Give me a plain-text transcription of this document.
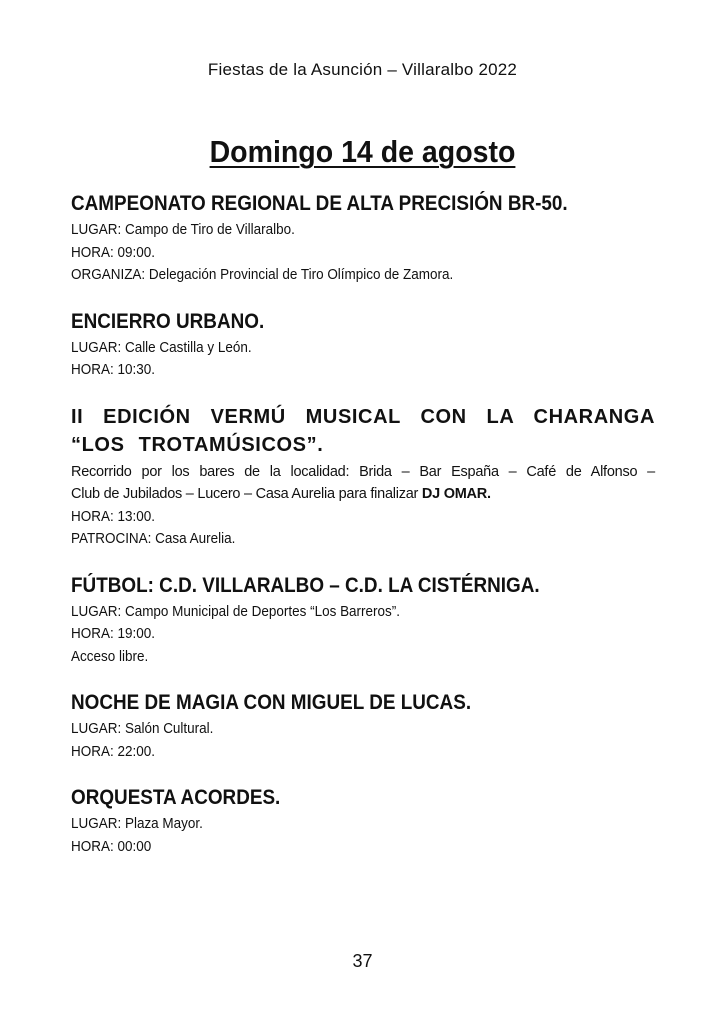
Fiestas de la Asunción – Villaralbo 2022
Domingo 14 de agosto
CAMPEONATO REGIONAL DE ALTA PRECISIÓN BR-50.
LUGAR: Campo de Tiro de Villaralbo.
HORA: 09:00.
ORGANIZA: Delegación Provincial de Tiro Olímpico de Zamora.
ENCIERRO URBANO.
LUGAR: Calle Castilla y León.
HORA: 10:30.
II EDICIÓN VERMÚ MUSICAL CON LA CHARANGA “LOS TROTAMÚSICOS”.
Recorrido por los bares de la localidad: Brida – Bar España – Café de Alfonso –
Club de Jubilados – Lucero – Casa Aurelia para finalizar DJ OMAR.
HORA: 13:00.
PATROCINA: Casa Aurelia.
FÚTBOL: C.D. VILLARALBO – C.D. LA CISTÉRNIGA.
LUGAR: Campo Municipal de Deportes “Los Barreros”.
HORA: 19:00.
Acceso libre.
NOCHE DE MAGIA CON MIGUEL DE LUCAS.
LUGAR: Salón Cultural.
HORA: 22:00.
ORQUESTA ACORDES.
LUGAR: Plaza Mayor.
HORA: 00:00
37
